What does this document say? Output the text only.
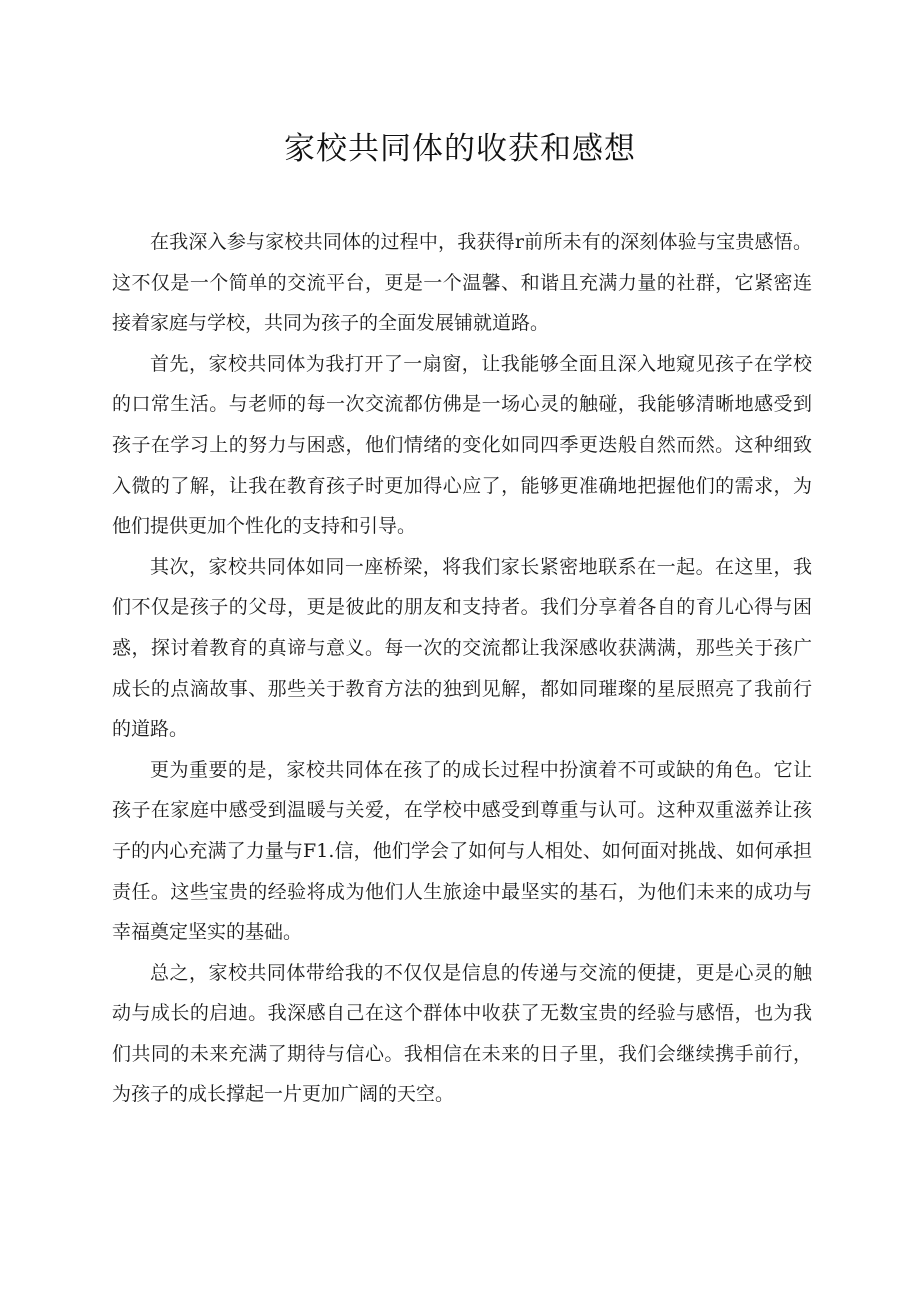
家校共同体的收获和感想

在我深入参与家校共同体的过程中，我获得r前所未有的深刻体验与宝贵感悟。这不仅是一个简单的交流平台，更是一个温馨、和谐且充满力量的社群，它紧密连接着家庭与学校，共同为孩子的全面发展铺就道路。

首先，家校共同体为我打开了一扇窗，让我能够全面且深入地窥见孩子在学校的口常生活。与老师的每一次交流都仿佛是一场心灵的触碰，我能够清晰地感受到孩子在学习上的努力与困惑，他们情绪的变化如同四季更迭般自然而然。这种细致入微的了解，让我在教育孩子时更加得心应了，能够更准确地把握他们的需求，为他们提供更加个性化的支持和引导。

其次，家校共同体如同一座桥梁，将我们家长紧密地联系在一起。在这里，我们不仅是孩子的父母，更是彼此的朋友和支持者。我们分享着各自的育儿心得与困惑，探讨着教育的真谛与意义。每一次的交流都让我深感收获满满，那些关于孩广成长的点滴故事、那些关于教育方法的独到见解，都如同璀璨的星辰照亮了我前行的道路。

更为重要的是，家校共同体在孩了的成长过程中扮演着不可或缺的角色。它让孩子在家庭中感受到温暖与关爱，在学校中感受到尊重与认可。这种双重滋养让孩子的内心充满了力量与F1.信，他们学会了如何与人相处、如何面对挑战、如何承担责任。这些宝贵的经验将成为他们人生旅途中最坚实的基石，为他们未来的成功与幸福奠定坚实的基础。

总之，家校共同体带给我的不仅仅是信息的传递与交流的便捷，更是心灵的触动与成长的启迪。我深感自己在这个群体中收获了无数宝贵的经验与感悟，也为我们共同的未来充满了期待与信心。我相信在未来的日子里，我们会继续携手前行，为孩子的成长撑起一片更加广阔的天空。
